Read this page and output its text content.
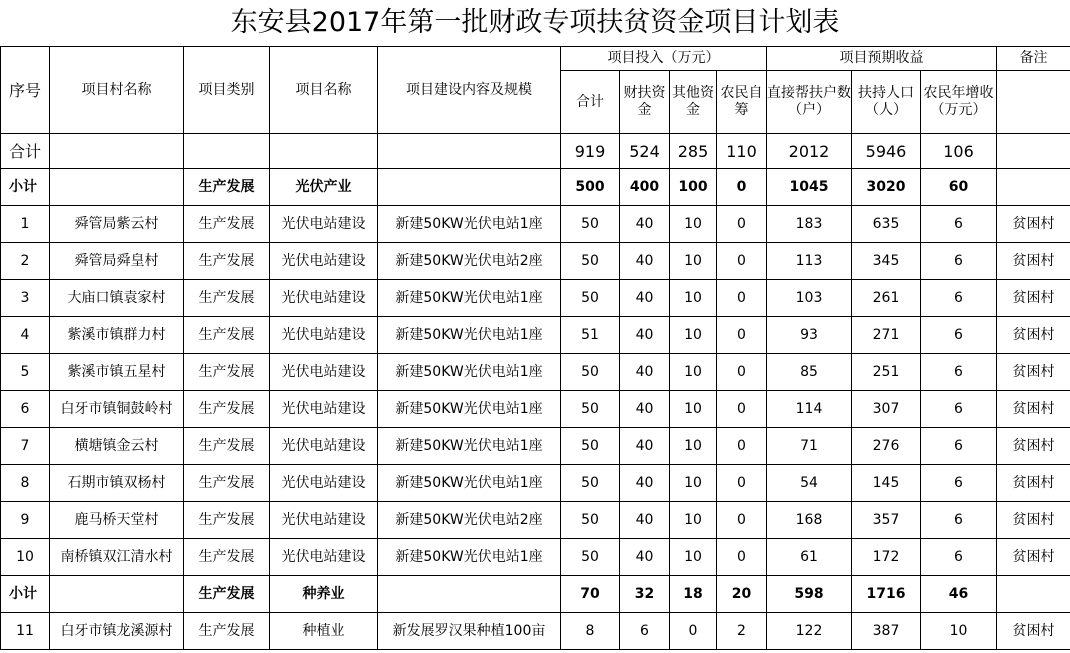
东安县2017年第一批财政专项扶贫资金项目计划表
序号	项目村名称	项目类别	项目名称	项目建设内容及规模	项目投入（万元）				项目预期收益			备注
					合计	财扶资金	其他资金	农民自筹	直接帮扶户数（户）	扶持人口（人）	农民年增收（万元）	
合计					919	524	285	110	2012	5946	106	
小计		生产发展	光伏产业		500	400	100	0	1045	3020	60	
1	舜管局紫云村	生产发展	光伏电站建设	新建50KW光伏电站1座	50	40	10	0	183	635	6	贫困村
2	舜管局舜皇村	生产发展	光伏电站建设	新建50KW光伏电站2座	50	40	10	0	113	345	6	贫困村
3	大庙口镇袁家村	生产发展	光伏电站建设	新建50KW光伏电站1座	50	40	10	0	103	261	6	贫困村
4	紫溪市镇群力村	生产发展	光伏电站建设	新建50KW光伏电站1座	51	40	10	0	93	271	6	贫困村
5	紫溪市镇五星村	生产发展	光伏电站建设	新建50KW光伏电站1座	50	40	10	0	85	251	6	贫困村
6	白牙市镇铜鼓岭村	生产发展	光伏电站建设	新建50KW光伏电站1座	50	40	10	0	114	307	6	贫困村
7	横塘镇金云村	生产发展	光伏电站建设	新建50KW光伏电站1座	50	40	10	0	71	276	6	贫困村
8	石期市镇双杨村	生产发展	光伏电站建设	新建50KW光伏电站1座	50	40	10	0	54	145	6	贫困村
9	鹿马桥天堂村	生产发展	光伏电站建设	新建50KW光伏电站2座	50	40	10	0	168	357	6	贫困村
10	南桥镇双江清水村	生产发展	光伏电站建设	新建50KW光伏电站1座	50	40	10	0	61	172	6	贫困村
小计		生产发展	种养业		70	32	18	20	598	1716	46	
11	白牙市镇龙溪源村	生产发展	种植业	新发展罗汉果种植100亩	8	6	0	2	122	387	10	贫困村
